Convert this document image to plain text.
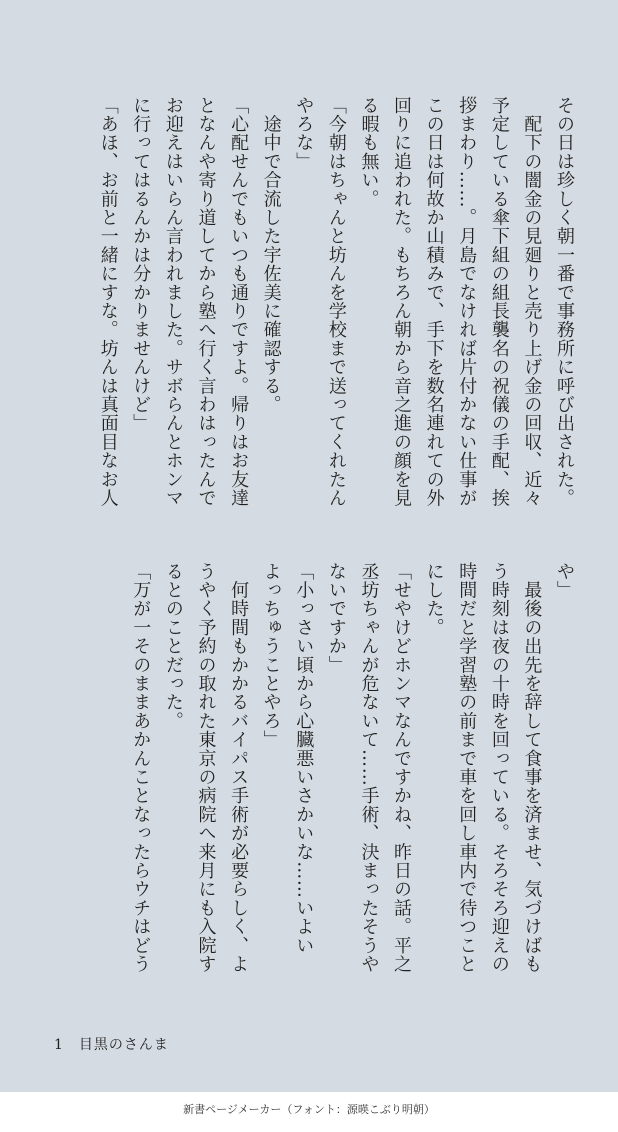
その日は珍しく朝一番で事務所に呼び出された。
　配下の闇金の見廻りと売り上げ金の回収、近々
予定している傘下組の組長襲名の祝儀の手配、挨
拶まわり……。月島でなければ片付かない仕事が
この日は何故か山積みで、手下を数名連れての外
回りに追われた。もちろん朝から音之進の顔を見
る暇も無い。
「今朝はちゃんと坊んを学校まで送ってくれたん
やろな」
　途中で合流した宇佐美に確認する。
「心配せんでもいつも通りですよ。帰りはお友達
となんや寄り道してから塾へ行く言わはったんで
お迎えはいらん言われました。サボらんとホンマ
に行ってはるんかは分かりませんけど」
「あほ、お前と一緒にすな。坊んは真面目なお人
や」
　最後の出先を辞して食事を済ませ、気づけばも
う時刻は夜の十時を回っている。そろそろ迎えの
時間だと学習塾の前まで車を回し車内で待つこと
にした。
「せやけどホンマなんですかね、昨日の話。平之
丞坊ちゃんが危ないて……手術、決まったそうや
ないですか」
「小っさい頃から心臓悪いさかいな……いよい
よっちゅうことやろ」
　何時間もかかるバイパス手術が必要らしく、よ
うやく予約の取れた東京の病院へ来月にも入院す
るとのことだった。
「万が一そのままあかんことなったらウチはどう
1　目黒のさんま
新書ページメーカー（フォント：源暎こぶり明朝）
